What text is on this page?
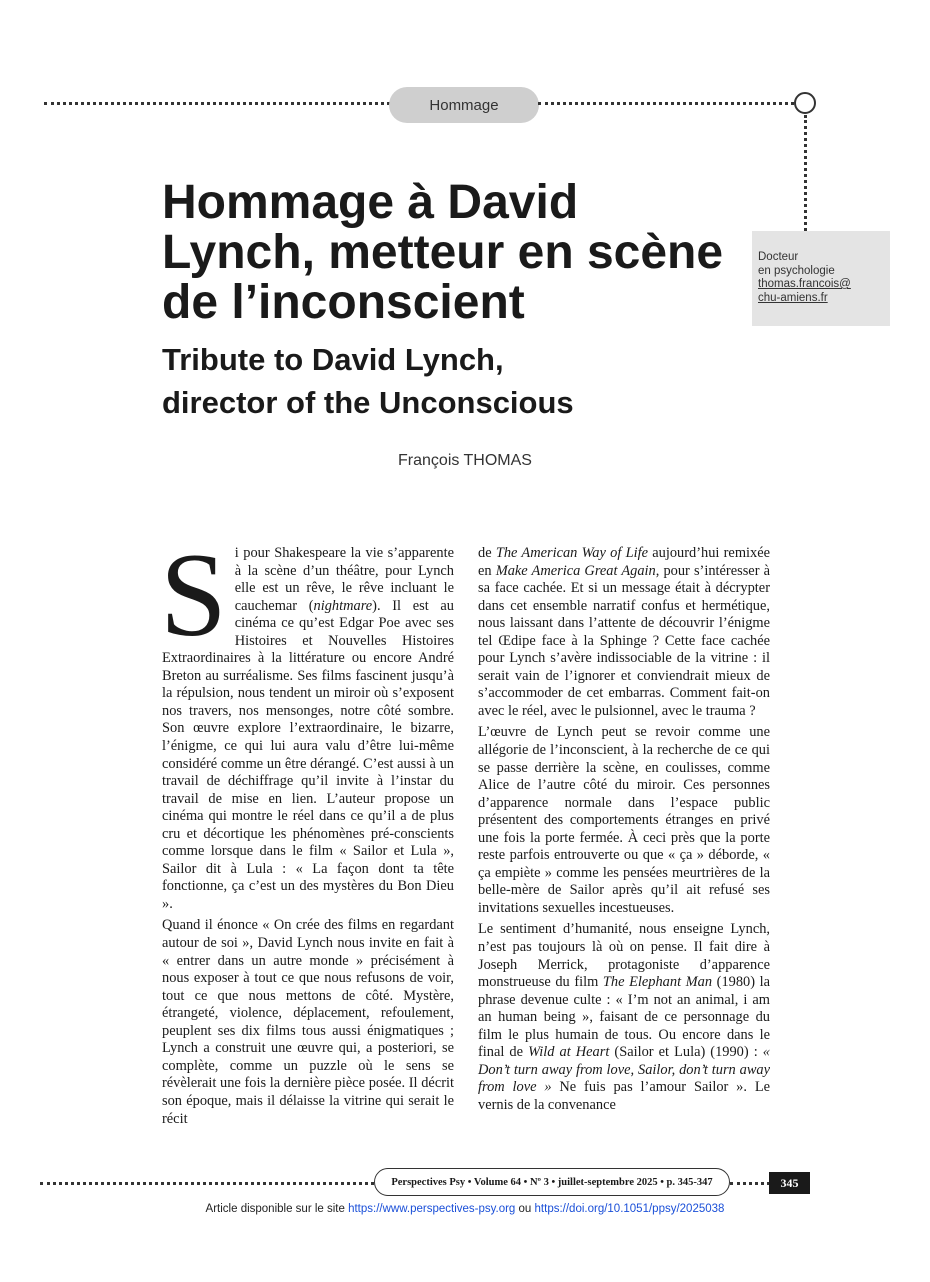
Hommage
Docteur
en psychologie
thomas.francois@
chu-amiens.fr
Hommage à David
Lynch, metteur en scène
de l’inconscient
Tribute to David Lynch,
director of the Unconscious
François THOMAS

Si pour Shakespeare la vie s’apparente à la scène d’un théâtre, pour Lynch elle est un rêve, le rêve incluant le cauchemar (nightmare). Il est au cinéma ce qu’est Edgar Poe avec ses Histoires et Nouvelles Histoires Extraordinaires à la littérature ou encore André Breton au surréalisme. Ses films fascinent jusqu’à la répulsion, nous tendent un miroir où s’exposent nos travers, nos mensonges, notre côté sombre. Son œuvre explore l’extraordinaire, le bizarre, l’énigme, ce qui lui aura valu d’être lui-même considéré comme un être dérangé. C’est aussi à un travail de déchiffrage qu’il invite à l’instar du travail de mise en lien. L’auteur propose un cinéma qui montre le réel dans ce qu’il a de plus cru et décortique les phénomènes pré-conscients comme lorsque dans le film « Sailor et Lula », Sailor dit à Lula : « La façon dont ta tête fonctionne, ça c’est un des mystères du Bon Dieu ».

Quand il énonce « On crée des films en regardant autour de soi », David Lynch nous invite en fait à « entrer dans un autre monde » précisément à nous exposer à tout ce que nous refusons de voir, tout ce que nous mettons de côté. Mystère, étrangeté, violence, déplacement, refoulement, peuplent ses dix films tous aussi énigmatiques ; Lynch a construit une œuvre qui, a posteriori, se complète, comme un puzzle où le sens se révèlerait une fois la dernière pièce posée. Il décrit son époque, mais il délaisse la vitrine qui serait le récit

de The American Way of Life aujourd’hui remixée en Make America Great Again, pour s’intéresser à sa face cachée. Et si un message était à décrypter dans cet ensemble narratif confus et hermétique, nous laissant dans l’attente de découvrir l’énigme tel Œdipe face à la Sphinge ? Cette face cachée pour Lynch s’avère indissociable de la vitrine : il serait vain de l’ignorer et conviendrait mieux de s’accommoder de cet embarras. Comment fait-on avec le réel, avec le pulsionnel, avec le trauma ?

L’œuvre de Lynch peut se revoir comme une allégorie de l’inconscient, à la recherche de ce qui se passe derrière la scène, en coulisses, comme Alice de l’autre côté du miroir. Ces personnes d’apparence normale dans l’espace public présentent des comportements étranges en privé une fois la porte fermée. À ceci près que la porte reste parfois entrouverte ou que « ça » déborde, « ça empiète » comme les pensées meurtrières de la belle-mère de Sailor après qu’il ait refusé ses invitations sexuelles incestueuses.

Le sentiment d’humanité, nous enseigne Lynch, n’est pas toujours là où on pense. Il fait dire à Joseph Merrick, protagoniste d’apparence monstrueuse du film The Elephant Man (1980) la phrase devenue culte : « I’m not an animal, i am an human being », faisant de ce personnage du film le plus humain de tous. Ou encore dans le final de Wild at Heart (Sailor et Lula) (1990) : « Don’t turn away from love, Sailor, don’t turn away from love » Ne fuis pas l’amour Sailor ». Le vernis de la convenance

Perspectives Psy • Volume 64 • Nº 3 • juillet-septembre 2025 • p. 345-347	345
Article disponible sur le site https://www.perspectives-psy.org ou https://doi.org/10.1051/ppsy/2025038
